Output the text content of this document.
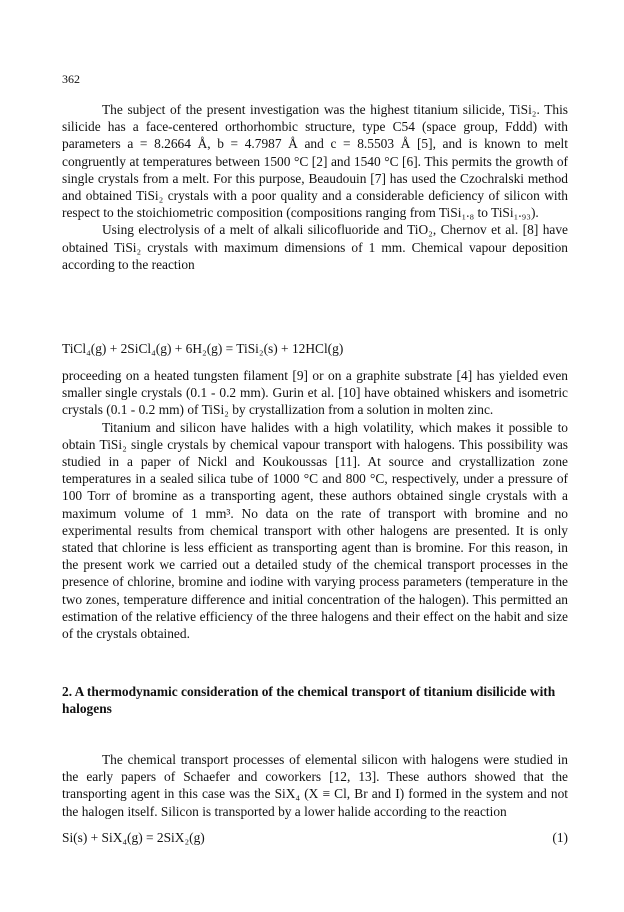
362

The subject of the present investigation was the highest titanium silicide, TiSi₂. This silicide has a face-centered orthorhombic structure, type C54 (space group, Fddd) with parameters a = 8.2664 Å, b = 4.7987 Å and c = 8.5503 Å [5], and is known to melt congruently at temperatures between 1500 °C [2] and 1540 °C [6]. This permits the growth of single crystals from a melt. For this purpose, Beaudouin [7] has used the Czochralski method and obtained TiSi₂ crystals with a poor quality and a considerable deficiency of silicon with respect to the stoichiometric composition (compositions ranging from TiSi₁.₈ to TiSi₁.₉₃).

Using electrolysis of a melt of alkali silicofluoride and TiO₂, Chernov et al. [8] have obtained TiSi₂ crystals with maximum dimensions of 1 mm. Chemical vapour deposition according to the reaction

TiCl₄(g) + 2SiCl₄(g) + 6H₂(g) = TiSi₂(s) + 12HCl(g)

proceeding on a heated tungsten filament [9] or on a graphite substrate [4] has yielded even smaller single crystals (0.1 - 0.2 mm). Gurin et al. [10] have obtained whiskers and isometric crystals (0.1 - 0.2 mm) of TiSi₂ by crystallization from a solution in molten zinc.

Titanium and silicon have halides with a high volatility, which makes it possible to obtain TiSi₂ single crystals by chemical vapour transport with halogens. This possibility was studied in a paper of Nickl and Koukoussas [11]. At source and crystallization zone temperatures in a sealed silica tube of 1000 °C and 800 °C, respectively, under a pressure of 100 Torr of bromine as a transporting agent, these authors obtained single crystals with a maximum volume of 1 mm³. No data on the rate of transport with bromine and no experimental results from chemical transport with other halogens are presented. It is only stated that chlorine is less efficient as transporting agent than is bromine. For this reason, in the present work we carried out a detailed study of the chemical transport processes in the presence of chlorine, bromine and iodine with varying process parameters (temperature in the two zones, temperature difference and initial concentration of the halogen). This permitted an estimation of the relative efficiency of the three halogens and their effect on the habit and size of the crystals obtained.

2. A thermodynamic consideration of the chemical transport of titanium disilicide with halogens

The chemical transport processes of elemental silicon with halogens were studied in the early papers of Schaefer and coworkers [12, 13]. These authors showed that the transporting agent in this case was the SiX₄ (X ≡ Cl, Br and I) formed in the system and not the halogen itself. Silicon is transported by a lower halide according to the reaction

Si(s) + SiX₄(g) = 2SiX₂(g)	(1)
